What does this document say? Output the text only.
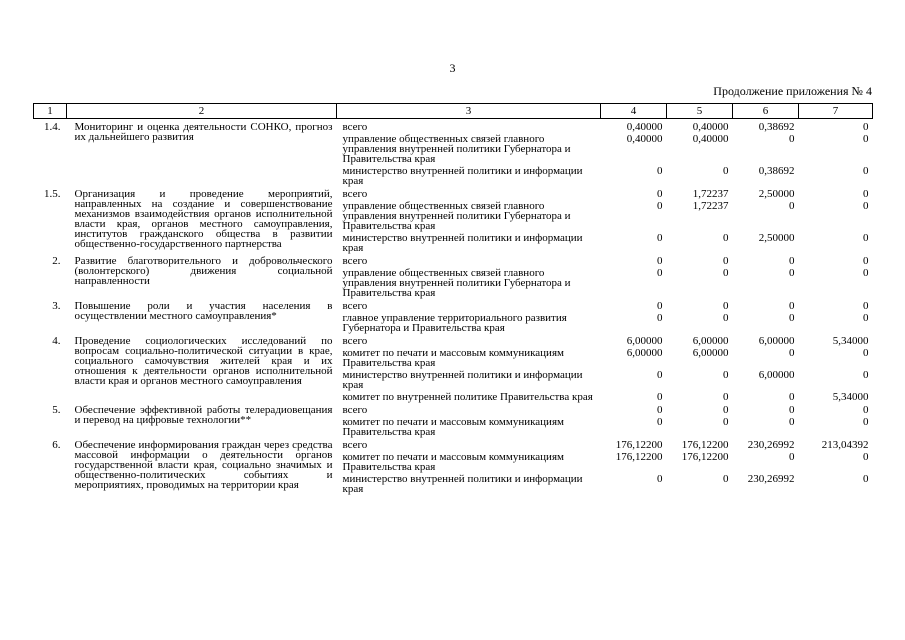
3
Продолжение приложения № 4
1	2	3	4	5	6	7
1.4.	Мониторинг и оценка деятельности СОНКО, прогноз их дальнейшего развития	всего	0,40000	0,40000	0,38692	0
		управление общественных связей главного управления внутренней политики Губернатора и Правительства края	0,40000	0,40000	0	0
		министерство внутренней политики и информации края	0	0	0,38692	0
1.5.	Организация и проведение мероприятий, направленных на создание и совершенствование механизмов взаимодействия органов исполнительной власти края, органов местного самоуправления, институтов гражданского общества в развитии общественно-государственного партнерства	всего	0	1,72237	2,50000	0
		управление общественных связей главного управления внутренней политики Губернатора и Правительства края	0	1,72237	0	0
		министерство внутренней политики и информации края	0	0	2,50000	0
2.	Развитие благотворительного и добровольческого (волонтерского) движения социальной направленности	всего	0	0	0	0
		управление общественных связей главного управления внутренней политики Губернатора и Правительства края	0	0	0	0
3.	Повышение роли и участия населения в осуществлении местного самоуправления*	всего	0	0	0	0
		главное управление территориального развития Губернатора и Правительства края	0	0	0	0
4.	Проведение социологических исследований по вопросам социально-политической ситуации в крае, социального самочувствия жителей края и их отношения к деятельности органов исполнительной власти края и органов местного самоуправления	всего	6,00000	6,00000	6,00000	5,34000
		комитет по печати и массовым коммуникациям Правительства края	6,00000	6,00000	0	0
		министерство внутренней политики и информации края	0	0	6,00000	0
		комитет по внутренней политике Правительства края	0	0	0	5,34000
5.	Обеспечение эффективной работы телерадиовещания и перевод на цифровые технологии**	всего	0	0	0	0
		комитет по печати и массовым коммуникациям Правительства края	0	0	0	0
6.	Обеспечение информирования граждан через средства массовой информации о деятельности органов государственной власти края, социально значимых и общественно-политических событиях и мероприятиях, проводимых на территории края	всего	176,12200	176,12200	230,26992	213,04392
		комитет по печати и массовым коммуникациям Правительства края	176,12200	176,12200	0	0
		министерство внутренней политики и информации края	0	0	230,26992	0
